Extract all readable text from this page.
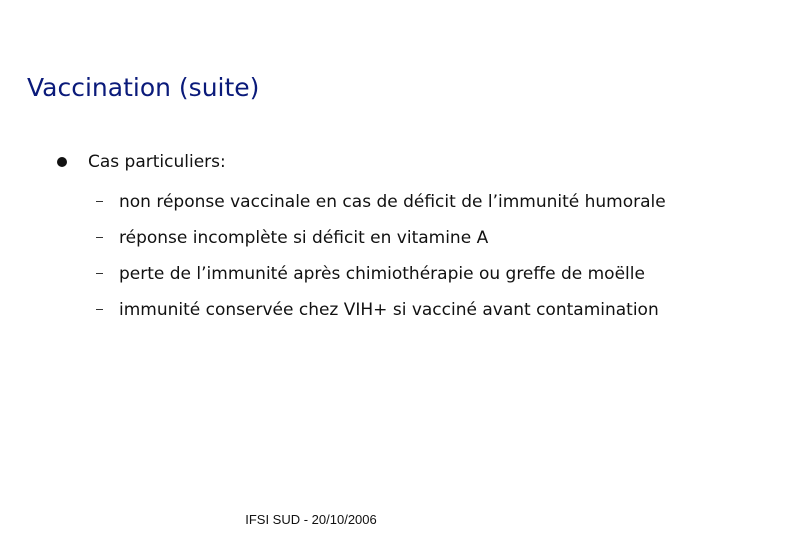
Vaccination (suite)
Cas particuliers:
non réponse vaccinale en cas de déficit de l’immunité humorale
réponse incomplète si déficit en vitamine A
perte de l’immunité après chimiothérapie ou greffe de moëlle
immunité conservée chez VIH+ si vacciné avant contamination
IFSI SUD - 20/10/2006
